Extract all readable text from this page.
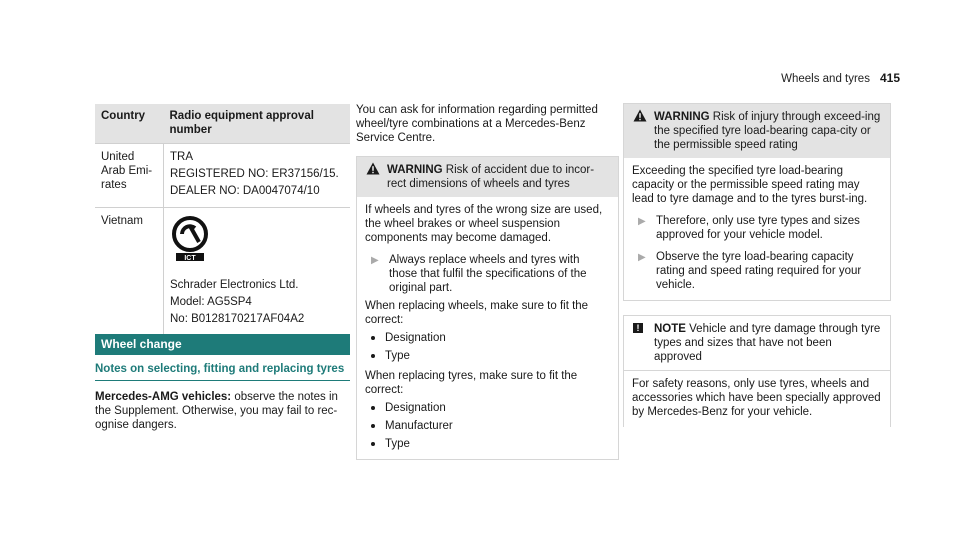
Wheels and tyres 415
Country	Radio equipment approval number
United Arab Emi-rates	TRA
REGISTERED NO: ER37156/15.
DEALER NO: DA0047074/10

Vietnam	ICT
Schrader Electronics Ltd.
Model: AG5SP4
No: B0128170217AF04A2
Wheel change
Notes on selecting, fitting and replacing tyres
Mercedes-AMG vehicles: observe the notes in the Supplement. Otherwise, you may fail to rec-ognise dangers.
You can ask for information regarding permitted wheel/tyre combinations at a Mercedes-Benz Service Centre.
WARNING Risk of accident due to incor-rect dimensions of wheels and tyres
If wheels and tyres of the wrong size are used, the wheel brakes or wheel suspension components may become damaged.
▶ Always replace wheels and tyres with those that fulfil the specifications of the original part.
When replacing wheels, make sure to fit the correct:
Designation
Type
When replacing tyres, make sure to fit the correct:
Designation
Manufacturer
Type
WARNING Risk of injury through exceed-ing the specified tyre load-bearing capa-city or the permissible speed rating
Exceeding the specified tyre load-bearing capacity or the permissible speed rating may lead to tyre damage and to the tyres burst-ing.
▶ Therefore, only use tyre types and sizes approved for your vehicle model.
▶ Observe the tyre load-bearing capacity rating and speed rating required for your vehicle.
!	NOTE Vehicle and tyre damage through tyre types and sizes that have not been approved
For safety reasons, only use tyres, wheels and accessories which have been specially approved by Mercedes-Benz for your vehicle.
